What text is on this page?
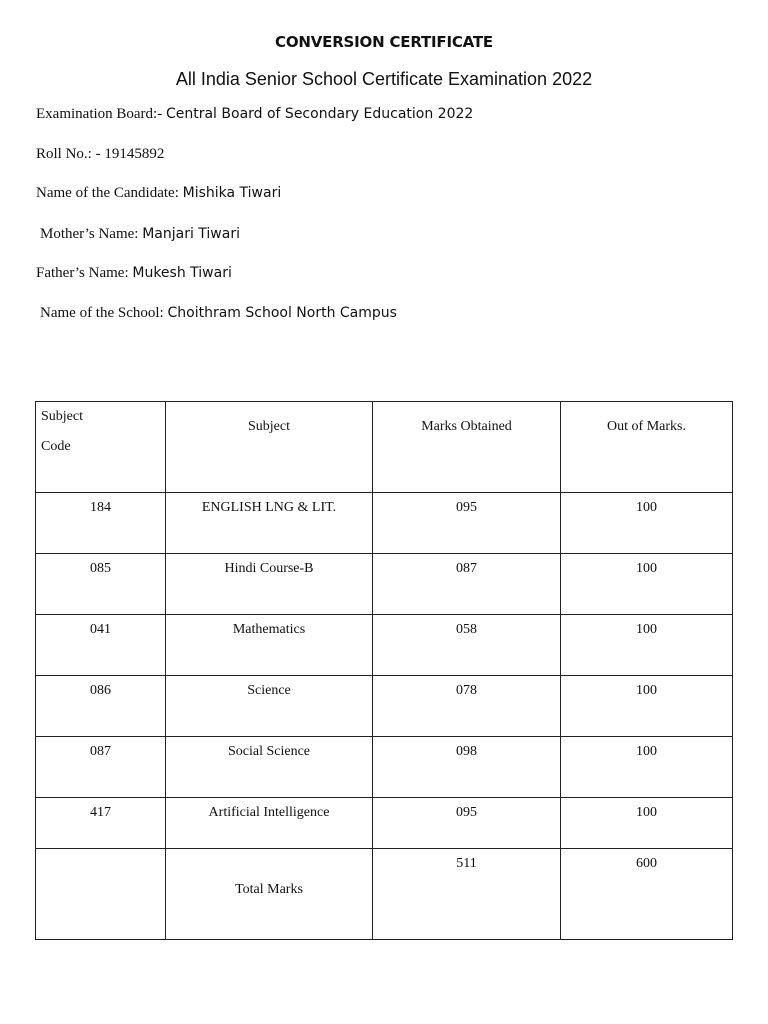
CONVERSION CERTIFICATE
All India Senior School Certificate Examination 2022
Examination Board:- Central Board of Secondary Education 2022
Roll No.: - 19145892
Name of the Candidate: Mishika Tiwari
Mother’s Name: Manjari Tiwari
Father’s Name: Mukesh Tiwari
Name of the School: Choithram School North Campus
Subject
Code	Subject	Marks Obtained	Out of Marks.

184	ENGLISH LNG & LIT.	095	100

085	Hindi Course-B	087	100

041	Mathematics	058	100

086	Science	078	100

087	Social Science	098	100

417	Artificial Intelligence	095	100

	Total Marks	511	600
